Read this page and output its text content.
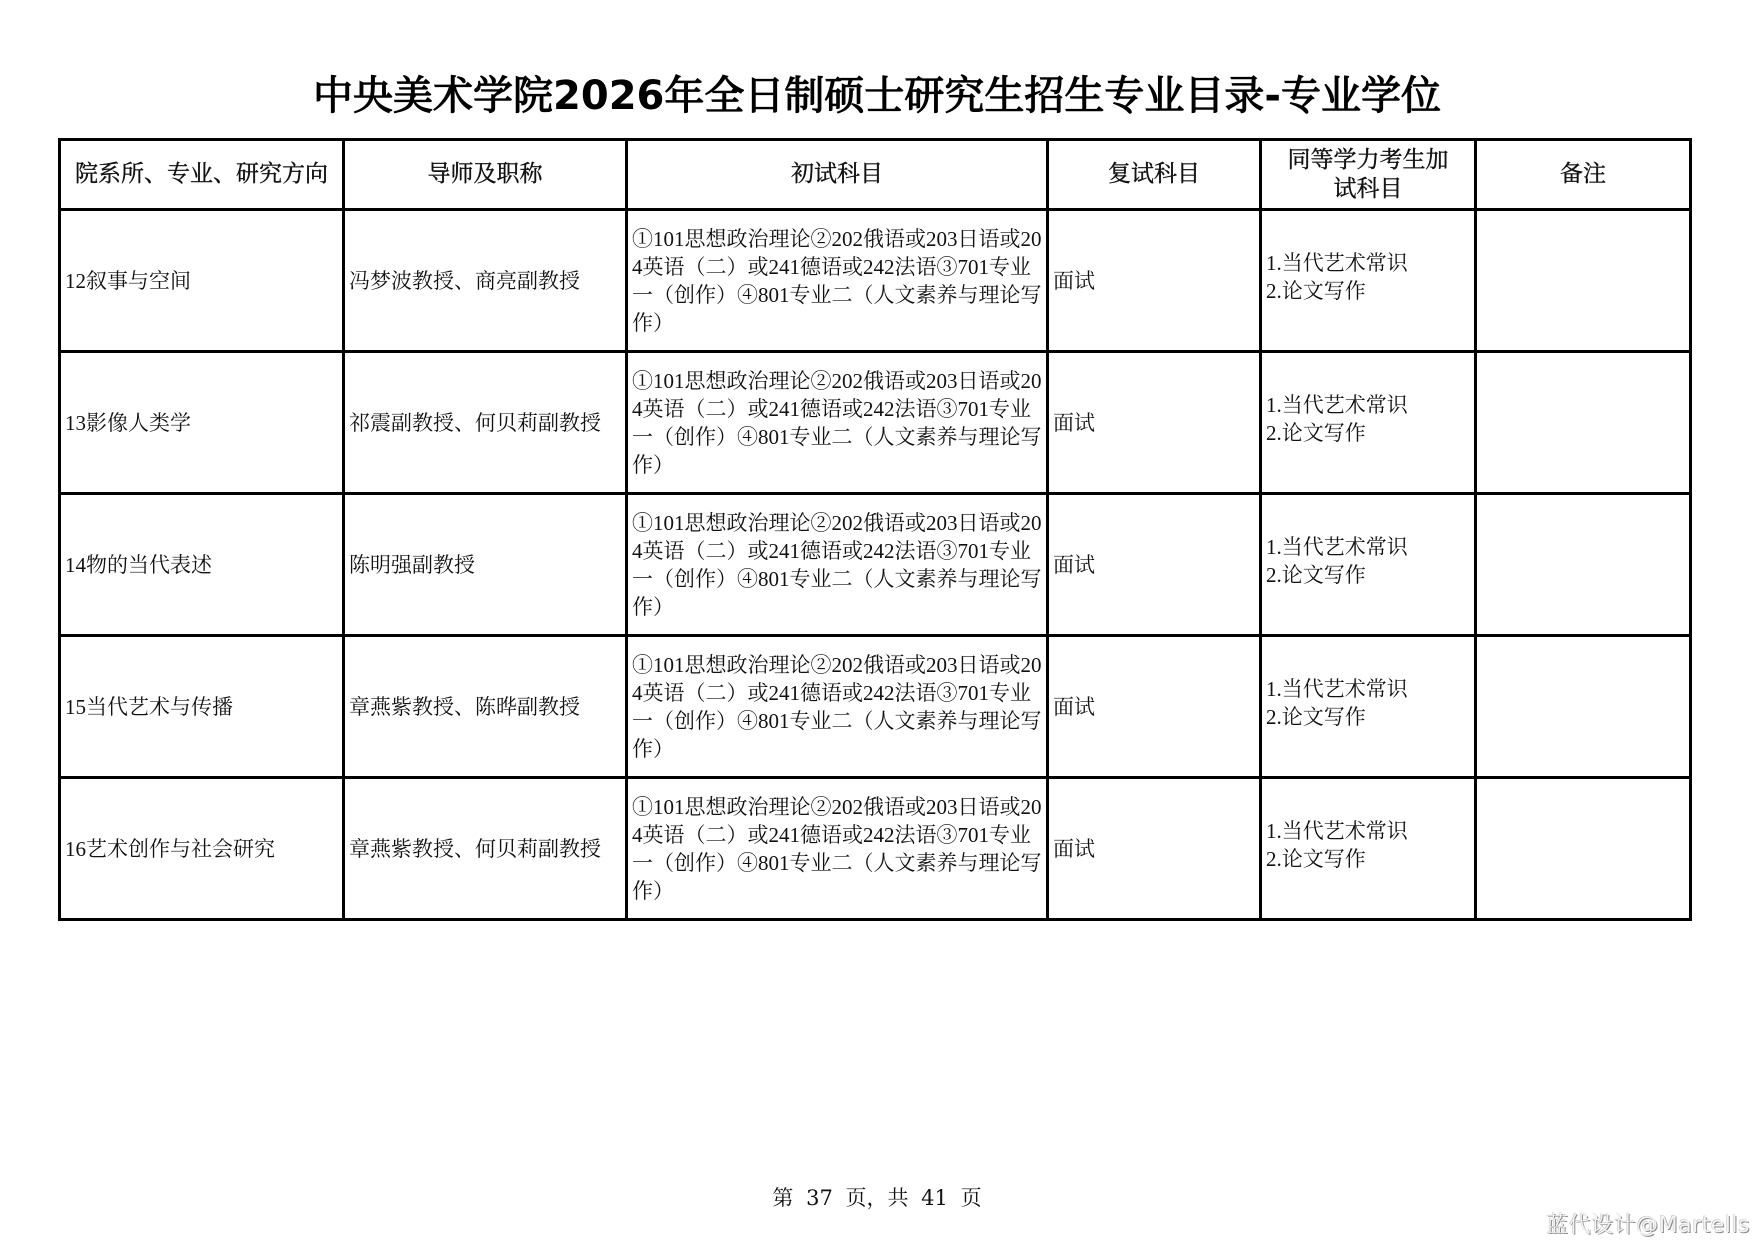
中央美术学院2026年全日制硕士研究生招生专业目录-专业学位
院系所、专业、研究方向	导师及职称	初试科目	复试科目	同等学力考生加试科目	备注
12叙事与空间	冯梦波教授、商亮副教授	①101思想政治理论②202俄语或203日语或204英语（二）或241德语或242法语③701专业一（创作）④801专业二（人文素养与理论写作）	面试	1.当代艺术常识
2.论文写作	

13影像人类学	祁震副教授、何贝莉副教授	①101思想政治理论②202俄语或203日语或204英语（二）或241德语或242法语③701专业一（创作）④801专业二（人文素养与理论写作）	面试	1.当代艺术常识
2.论文写作	

14物的当代表述	陈明强副教授	①101思想政治理论②202俄语或203日语或204英语（二）或241德语或242法语③701专业一（创作）④801专业二（人文素养与理论写作）	面试	1.当代艺术常识
2.论文写作	

15当代艺术与传播	章燕紫教授、陈晔副教授	①101思想政治理论②202俄语或203日语或204英语（二）或241德语或242法语③701专业一（创作）④801专业二（人文素养与理论写作）	面试	1.当代艺术常识
2.论文写作	

16艺术创作与社会研究	章燕紫教授、何贝莉副教授	①101思想政治理论②202俄语或203日语或204英语（二）或241德语或242法语③701专业一（创作）④801专业二（人文素养与理论写作）	面试	1.当代艺术常识
2.论文写作	

第 37 页，共 41 页
蓝代设计@Martells
